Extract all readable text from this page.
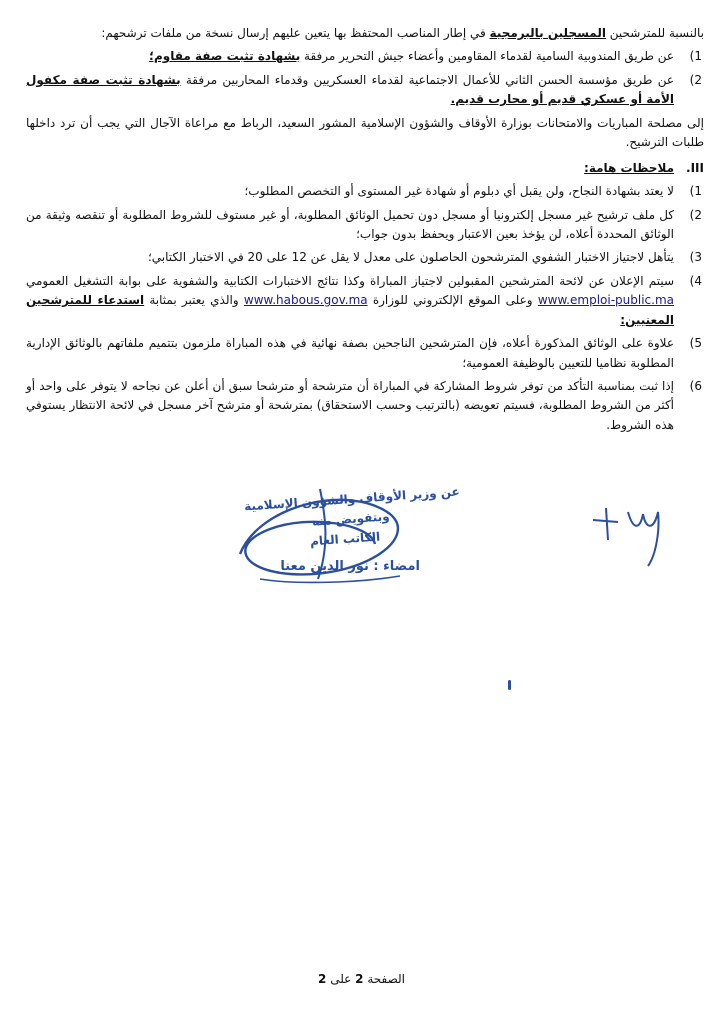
بالنسبة للمترشحين المسجلين بالبرمجية في إطار المناصب المحتفظ بها يتعين عليهم إرسال نسخة من ملفات ترشحهم:

1)

عن طريق المندوبية السامية لقدماء المقاومين وأعضاء جيش التحرير مرفقة بشهادة تثبت صفة مقاوم؛

2)

عن طريق مؤسسة الحسن الثاني للأعمال الاجتماعية لقدماء العسكريين وقدماء المحاربين مرفقة بشهادة تثبت صفة مكفول الأمة أو عسكري قديم أو محارب قديم.

إلى مصلحة المباريات والامتحانات بوزارة الأوقاف والشؤون الإسلامية المشور السعيد، الرباط مع مراعاة الآجال التي يجب أن ترد داخلها طلبات الترشيح.

III.
ملاحظات هامة:
1)

لا يعتد بشهادة النجاح، ولن يقبل أي دبلوم أو شهادة غير المستوى أو التخصص المطلوب؛

2)

كل ملف ترشيح غير مسجل إلكترونيا أو مسجل دون تحميل الوثائق المطلوبة، أو غير مستوف للشروط المطلوبة أو تنقصه وثيقة من الوثائق المحددة أعلاه، لن يؤخذ بعين الاعتبار ويحفظ بدون جواب؛

3)

يتأهل لاجتياز الاختبار الشفوي المترشحون الحاصلون على معدل لا يقل عن 12 على 20 في الاختبار الكتابي؛

4)

سيتم الإعلان عن لائحة المترشحين المقبولين لاجتياز المباراة وكذا نتائج الاختبارات الكتابية والشفوية على بوابة التشغيل العمومي www.emploi-public.ma وعلى الموقع الإلكتروني للوزارة www.habous.gov.ma والذي يعتبر بمثابة استدعاء للمترشحين المعنيين:

5)

علاوة على الوثائق المذكورة أعلاه، فإن المترشحين الناجحين بصفة نهائية في هذه المباراة ملزمون بتتميم ملفاتهم بالوثائق الإدارية المطلوبة نظاميا للتعيين بالوظيفة العمومية؛

6)

إذا ثبت بمناسبة التأكد من توفر شروط المشاركة في المباراة أن مترشحة أو مترشحا سبق أن أعلن عن نجاحه لا يتوفر على واحد أو أكثر من الشروط المطلوبة، فسيتم تعويضه (بالترتيب وحسب الاستحقاق) بمترشحة أو مترشح آخر مسجل في لائحة الانتظار يستوفي هذه الشروط.

عن وزير الأوقاف والشؤون الإسلامية
وبتفويض منه
الكاتب العام
امضاء : نور الدين معنا
الصفحة 2 على 2
